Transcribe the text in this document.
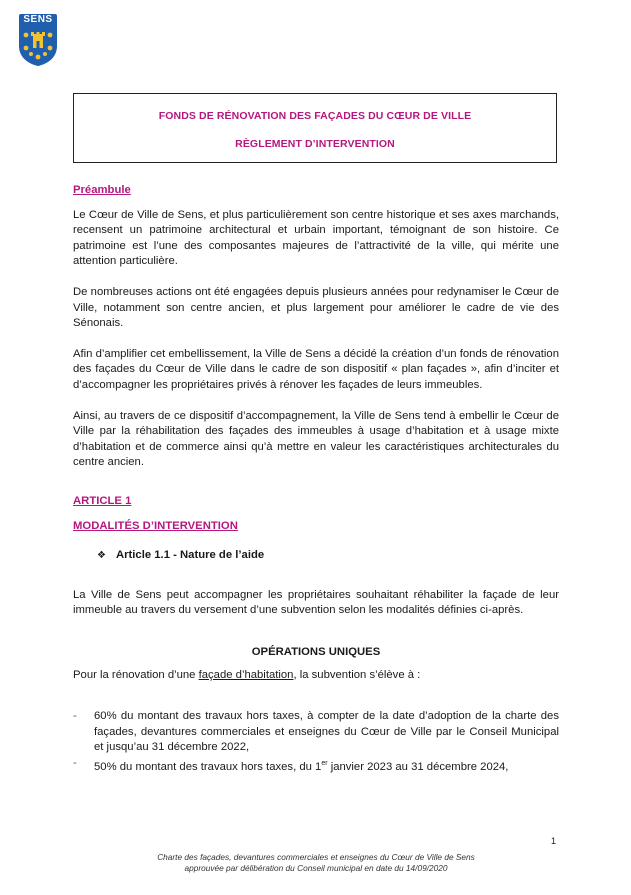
SENS
FONDS DE RÉNOVATION DES FAÇADES DU CŒUR DE VILLE
RÈGLEMENT D’INTERVENTION
Préambule

Le Cœur de Ville de Sens, et plus particulièrement son centre historique et ses axes marchands, recensent un patrimoine architectural et urbain important, témoignant de son histoire. Ce patrimoine est l’une des composantes majeures de l’attractivité de la ville, qui mérite une attention particulière.

De nombreuses actions ont été engagées depuis plusieurs années pour redynamiser le Cœur de Ville, notamment son centre ancien, et plus largement pour améliorer le cadre de vie des Sénonais.

Afin d’amplifier cet embellissement, la Ville de Sens a décidé la création d’un fonds de rénovation des façades du Cœur de Ville dans le cadre de son dispositif « plan façades », afin d’inciter et d’accompagner les propriétaires privés à rénover les façades de leurs immeubles.

Ainsi, au travers de ce dispositif d’accompagnement, la Ville de Sens tend à embellir le Cœur de Ville par la réhabilitation des façades des immeubles à usage d’habitation et à usage mixte d’habitation et de commerce ainsi qu’à mettre en valeur les caractéristiques architecturales du centre ancien.

ARTICLE 1
MODALITÉS D’INTERVENTION
❖ Article 1.1 - Nature de l’aide

La Ville de Sens peut accompagner les propriétaires souhaitant réhabiliter la façade de leur immeuble au travers du versement d’une subvention selon les modalités définies ci-après.

OPÉRATIONS UNIQUES

Pour la rénovation d’une façade d’habitation, la subvention s’élève à :

-	60% du montant des travaux hors taxes, à compter de la date d’adoption de la charte des façades, devantures commerciales et enseignes du Cœur de Ville par le Conseil Municipal et jusqu’au 31 décembre 2022,
-	50% du montant des travaux hors taxes, du 1er janvier 2023 au 31 décembre 2024,
1
Charte des façades, devantures commerciales et enseignes du Cœur de Ville de Sens
approuvée par délibération du Conseil municipal en date du 14/09/2020
